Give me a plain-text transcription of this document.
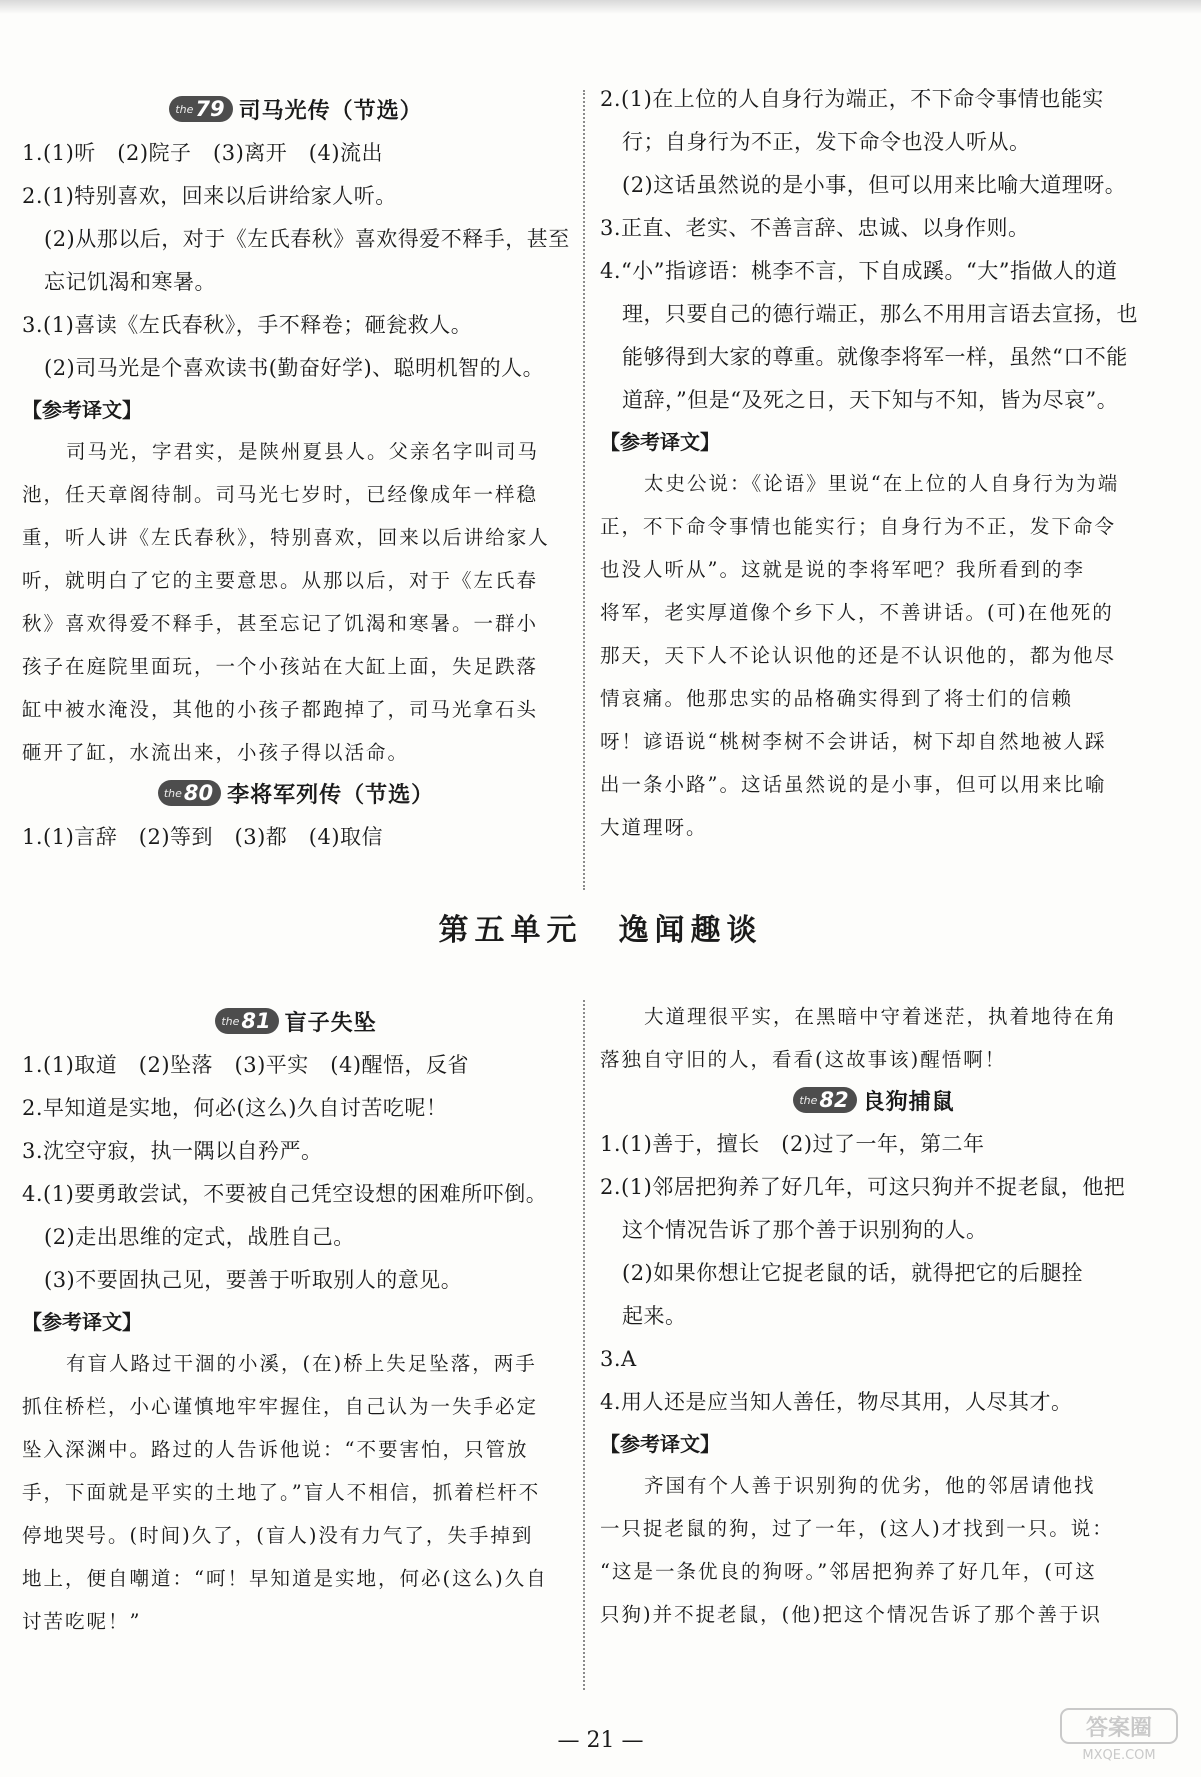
the 79 司马光传（节选）
1.(1)听　(2)院子　(3)离开　(4)流出
2.(1)特别喜欢，回来以后讲给家人听。
(2)从那以后，对于《左氏春秋》喜欢得爱不释手，甚至
忘记饥渴和寒暑。
3.(1)喜读《左氏春秋》，手不释卷；砸瓮救人。
(2)司马光是个喜欢读书(勤奋好学)、聪明机智的人。
【参考译文】
司马光，字君实，是陕州夏县人。父亲名字叫司马
池，任天章阁待制。司马光七岁时，已经像成年一样稳
重，听人讲《左氏春秋》，特别喜欢，回来以后讲给家人
听，就明白了它的主要意思。从那以后，对于《左氏春
秋》喜欢得爱不释手，甚至忘记了饥渴和寒暑。一群小
孩子在庭院里面玩，一个小孩站在大缸上面，失足跌落
缸中被水淹没，其他的小孩子都跑掉了，司马光拿石头
砸开了缸，水流出来，小孩子得以活命。
the 80 李将军列传（节选）
1.(1)言辞　(2)等到　(3)都　(4)取信
2.(1)在上位的人自身行为端正，不下命令事情也能实
行；自身行为不正，发下命令也没人听从。
(2)这话虽然说的是小事，但可以用来比喻大道理呀。
3.正直、老实、不善言辞、忠诚、以身作则。
4.“小”指谚语：桃李不言，下自成蹊。“大”指做人的道
理，只要自己的德行端正，那么不用用言语去宣扬，也
能够得到大家的尊重。就像李将军一样，虽然“口不能
道辞，”但是“及死之日，天下知与不知，皆为尽哀”。
【参考译文】
太史公说：《论语》里说“在上位的人自身行为为端
正，不下命令事情也能实行；自身行为不正，发下命令
也没人听从”。这就是说的李将军吧？我所看到的李
将军，老实厚道像个乡下人，不善讲话。(可)在他死的
那天，天下人不论认识他的还是不认识他的，都为他尽
情哀痛。他那忠实的品格确实得到了将士们的信赖
呀！谚语说“桃树李树不会讲话，树下却自然地被人踩
出一条小路”。这话虽然说的是小事，但可以用来比喻
大道理呀。
第五单元　逸闻趣谈
the 81 盲子失坠
1.(1)取道　(2)坠落　(3)平实　(4)醒悟，反省
2.早知道是实地，何必(这么)久自讨苦吃呢！
3.沈空守寂，执一隅以自矜严。
4.(1)要勇敢尝试，不要被自己凭空设想的困难所吓倒。
(2)走出思维的定式，战胜自己。
(3)不要固执己见，要善于听取别人的意见。
【参考译文】
有盲人路过干涸的小溪，(在)桥上失足坠落，两手
抓住桥栏，小心谨慎地牢牢握住，自己认为一失手必定
坠入深渊中。路过的人告诉他说：“不要害怕，只管放
手，下面就是平实的土地了。”盲人不相信，抓着栏杆不
停地哭号。(时间)久了，(盲人)没有力气了，失手掉到
地上，便自嘲道：“呵！早知道是实地，何必(这么)久自
讨苦吃呢！”
大道理很平实，在黑暗中守着迷茫，执着地待在角
落独自守旧的人，看看(这故事该)醒悟啊！
the 82 良狗捕鼠
1.(1)善于，擅长　(2)过了一年，第二年
2.(1)邻居把狗养了好几年，可这只狗并不捉老鼠，他把
这个情况告诉了那个善于识别狗的人。
(2)如果你想让它捉老鼠的话，就得把它的后腿拴
起来。
3.A
4.用人还是应当知人善任，物尽其用，人尽其才。
【参考译文】
齐国有个人善于识别狗的优劣，他的邻居请他找
一只捉老鼠的狗，过了一年，(这人)才找到一只。说：
“这是一条优良的狗呀。”邻居把狗养了好几年，(可这
只狗)并不捉老鼠，(他)把这个情况告诉了那个善于识
— 21 —	答案圈
MXQE.COM
